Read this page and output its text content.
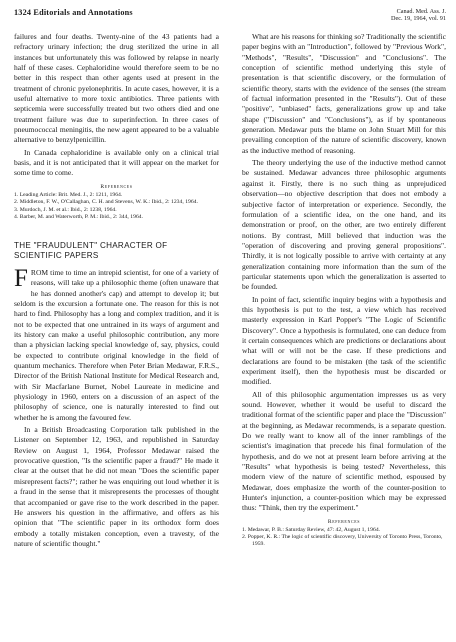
1324 Editorials and Annotations	Canad. Med. Ass. J.
Dec. 19, 1964, vol. 91

failures and four deaths. Twenty-nine of the 43 patients had a refractory urinary infection; the drug sterilized the urine in all instances but unfortunately this was followed by relapse in nearly half of these cases. Cephaloridine would therefore seem to be no better in this respect than other agents used at present in the treatment of chronic pyelonephritis. In acute cases, however, it is a useful alternative to more toxic antibiotics. Three patients with septicemia were successfully treated but two others died and one treatment failure was due to superinfection. In three cases of pneumococcal meningitis, the new agent appeared to be a valuable alternative to benzylpenicillin.

In Canada cephaloridine is available only on a clinical trial basis, and it is not anticipated that it will appear on the market for some time to come.

References
1. Leading Article: Brit. Med. J., 2: 1211, 1964.
2. Middleton, F. W., O'Callaghan, C. H. and Stevens, W. K.: Ibid., 2: 1234, 1964.
3. Murdoch, J. M. et al.: Ibid., 2: 1238, 1964.
4. Barber, M. and Waterworth, P. M.: Ibid., 2: 344, 1964.
THE "FRAUDULENT" CHARACTER OF
SCIENTIFIC PAPERS
F ROM time to time an intrepid scientist, for one of a variety of reasons, will take up a philosophic theme (often unaware that he has donned another's cap) and attempt to develop it; but seldom is the excursion a fortunate one. The reason for this is not hard to find. Philosophy has a long and complex tradition, and it is not to be expected that one untrained in its ways of argument and its history can make a useful philosophic contribution, any more than a physician lacking special knowledge of, say, physics, could be expected to contribute original knowledge in the field of quantum mechanics. Therefore when Peter Brian Medawar, F.R.S., Director of the British National Institute for Medical Research and, with Sir Macfarlane Burnet, Nobel Laureate in medicine and physiology in 1960, enters on a discussion of an aspect of the philosophy of science, one is naturally interested to find out whether he is among the favoured few.

In a British Broadcasting Corporation talk published in the Listener on September 12, 1963, and republished in Saturday Review on August 1, 1964, Professor Medawar raised the provocative question, "Is the scientific paper a fraud?" He made it clear at the outset that he did not mean "Does the scientific paper misrepresent facts?"; rather he was enquiring out loud whether it is a fraud in the sense that it misrepresents the processes of thought that accompanied or gave rise to the work described in the paper. He answers his question in the affirmative, and offers as his opinion that "The scientific paper in its orthodox form does embody a totally mistaken conception, even a travesty, of the nature of scientific thought."

What are his reasons for thinking so? Traditionally the scientific paper begins with an "Introduction", followed by "Previous Work", "Methods", "Results", "Discussion" and "Conclusions". The conception of scientific method underlying this style of presentation is that scientific discovery, or the formulation of scientific theory, starts with the evidence of the senses (the stream of factual information presented in the "Results"). Out of these "positive", "unbiased" facts, generalizations grow up and take shape ("Discussion" and "Conclusions"), as if by spontaneous generation. Medawar puts the blame on John Stuart Mill for this prevailing conception of the nature of scientific discovery, known as the inductive method of reasoning.

The theory underlying the use of the inductive method cannot be sustained. Medawar advances three philosophic arguments against it. Firstly, there is no such thing as unprejudiced observation—no objective description that does not embody a subjective factor of interpretation or experience. Secondly, the formulation of a scientific idea, on the one hand, and its demonstration or proof, on the other, are two entirely different notions. By contrast, Mill believed that induction was the "operation of discovering and proving general propositions". Thirdly, it is not logically possible to arrive with certainty at any generalization containing more information than the sum of the particular statements upon which the generalization is asserted to be founded.

In point of fact, scientific inquiry begins with a hypothesis and this hypothesis is put to the test, a view which has received masterly expression in Karl Popper's "The Logic of Scientific Discovery". Once a hypothesis is formulated, one can deduce from it certain consequences which are predictions or declarations about what will or will not be the case. If these predictions and declarations are found to be mistaken (the task of the scientific experiment itself), then the hypothesis must be discarded or modified.

All of this philosophic argumentation impresses us as very sound. However, whether it would be useful to discard the traditional format of the scientific paper and place the "Discussion" at the beginning, as Medawar recommends, is a separate question. Do we really want to know all of the inner ramblings of the scientist's imagination that precede his final formulation of the hypothesis, and do we not at present learn before arriving at the "Results" what hypothesis is being tested? Nevertheless, this modern view of the nature of scientific method, espoused by Medawar, does emphasize the worth of the counter-position to Hunter's injunction, a counter-position which may be expressed thus: "Think, then try the experiment."

References
1. Medawar, P. B.: Saturday Review, 47: 42, August 1, 1964.
2. Popper, K. R.: The logic of scientific discovery, University of Toronto Press, Toronto, 1959.
